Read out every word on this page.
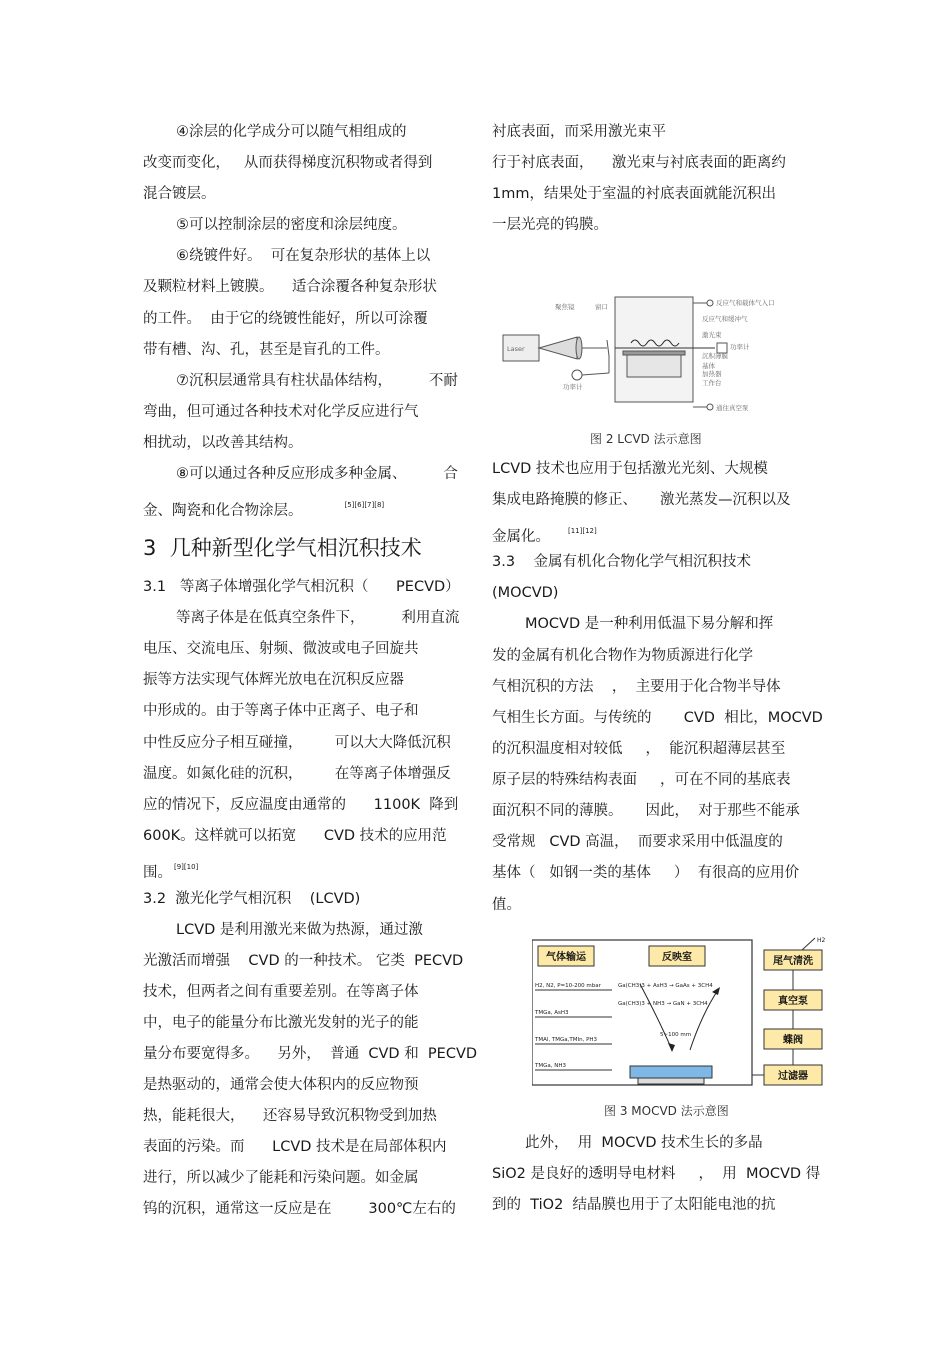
④涂层的化学成分可以随气相组成的
改变而变化，   从而获得梯度沉积物或者得到
混合镀层。
⑤可以控制涂层的密度和涂层纯度。
⑥绕镀件好。  可在复杂形状的基体上以
及颗粒材料上镀膜。    适合涂覆各种复杂形状
的工件。  由于它的绕镀性能好，所以可涂覆
带有槽、沟、孔，甚至是盲孔的工件。
⑦沉积层通常具有柱状晶体结构，        不耐
弯曲，但可通过各种技术对化学反应进行气
相扰动，以改善其结构。
⑧可以通过各种反应形成多种金属、        合
金、陶瓷和化合物涂层。	[5][6][7][8]
3  几种新型化学气相沉积技术
3.1   等离子体增强化学气相沉积（      PECVD）
等离子体是在低真空条件下，        利用直流
电压、交流电压、射频、微波或电子回旋共
振等方法实现气体辉光放电在沉积反应器
中形成的。由于等离子体中正离子、电子和
中性反应分子相互碰撞，       可以大大降低沉积
温度。如氮化硅的沉积，       在等离子体增强反
应的情况下，反应温度由通常的      1100K  降到
600K。这样就可以拓宽      CVD 技术的应用范
围。 [9][10]
3.2  激光化学气相沉积    (LCVD)
LCVD 是利用激光来做为热源，通过激
光激活而增强    CVD 的一种技术。 它类  PECVD
技术，但两者之间有重要差别。在等离子体
中，电子的能量分布比激光发射的光子的能
量分布要宽得多。    另外，  普通  CVD 和  PECVD
是热驱动的，通常会使大体积内的反应物预
热，能耗很大，    还容易导致沉积物受到加热
表面的污染。而      LCVD 技术是在局部体积内
进行，所以减少了能耗和污染问题。如金属
钨的沉积，通常这一反应是在        300℃左右的
衬底表面，而采用激光束平
行于衬底表面，    激光束与衬底表面的距离约
1mm，结果处于室温的衬底表面就能沉积出
一层光亮的钨膜。
Laser
聚焦镜	窗口
功率计
反应气和载体气入口
反应气和缓冲气
激光束
功率计
沉积薄膜
基体
加热器
工作台
通往真空泵
图 2 LCVD 法示意图
LCVD 技术也应用于包括激光光刻、大规模
集成电路掩膜的修正、     激光蒸发—沉积以及
金属化。	[11][12]
3.3    金属有机化合物化学气相沉积技术
(MOCVD)
MOCVD 是一种利用低温下易分解和挥
发的金属有机化合物作为物质源进行化学
气相沉积的方法    ，  主要用于化合物半导体
气相生长方面。与传统的       CVD  相比，MOCVD
的沉积温度相对较低     ，  能沉积超薄层甚至
原子层的特殊结构表面     ，可在不同的基底表
面沉积不同的薄膜。     因此，  对于那些不能承
受常规   CVD 高温，  而要求采用中低温度的
基体（   如钢一类的基体     ）  有很高的应用价
值。
气体输运	反映室	尾气清洗
真空泵
蝶阀
过滤器
H2
H2, N2, P=10-200 mbar
TMGa, AsH3
TMAl, TMGa,TMIn, PH3
TMGa, NH3
Ga(CH3)3 + AsH3 → GaAs + 3CH4
Ga(CH3)3 + NH3 → GaN + 3CH4
5~100 mm
图 3 MOCVD 法示意图
此外，  用  MOCVD 技术生长的多晶
SiO2 是良好的透明导电材料     ，  用  MOCVD 得
到的  TiO2  结晶膜也用于了太阳能电池的抗
